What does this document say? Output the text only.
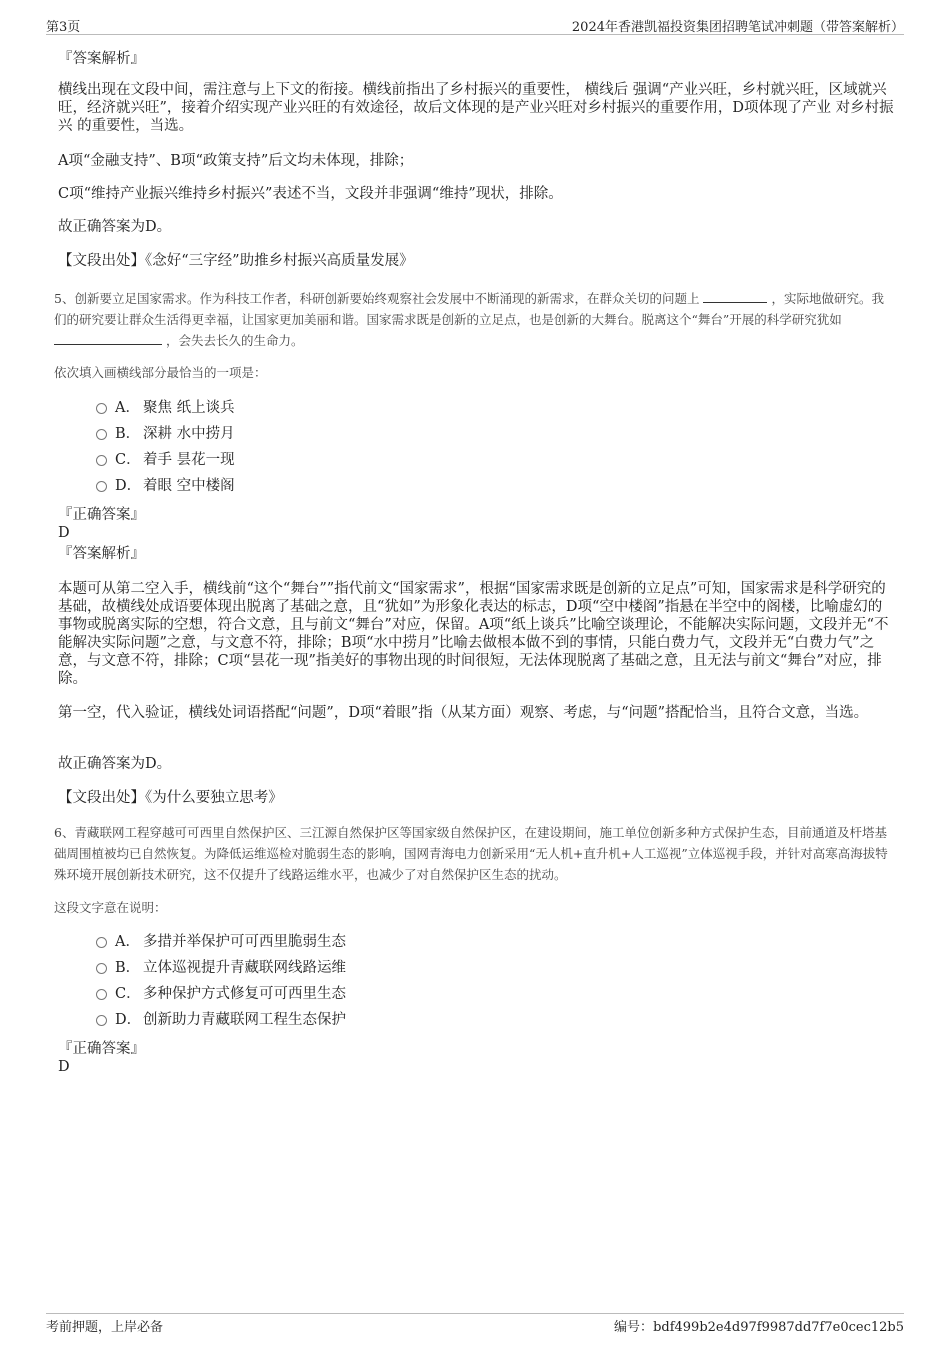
第3页	2024年香港凯福投资集团招聘笔试冲刺题（带答案解析）
『答案解析』
横线出现在文段中间，需注意与上下文的衔接。横线前指出了乡村振兴的重要性， 横线后 强调“产业兴旺，乡村就兴旺，区域就兴旺，经济就兴旺”，接着介绍实现产业兴旺的有效途径，故后文体现的是产业兴旺对乡村振兴的重要作用，D项体现了产业 对乡村振兴 的重要性，当选。
A项“金融支持”、B项“政策支持”后文均未体现，排除；
C项“维持产业振兴维持乡村振兴”表述不当，文段并非强调“维持”现状，排除。
故正确答案为D。
【文段出处】《念好“三字经”助推乡村振兴高质量发展》
5、创新要立足国家需求。作为科技工作者，科研创新要始终观察社会发展中不断涌现的新需求，在群众关切的问题上	，实际地做研究。我们的研究要让群众生活得更幸福，让国家更加美丽和谐。国家需求既是创新的立足点，也是创新的大舞台。脱离这个“舞台”开展的科学研究犹如  ，会失去长久的生命力。
依次填入画横线部分最恰当的一项是：
A． 聚焦 纸上谈兵
B． 深耕 水中捞月
C． 着手 昙花一现
D． 着眼 空中楼阁
『正确答案』
D
『答案解析』
本题可从第二空入手，横线前“这个“舞台””指代前文“国家需求”，根据“国家需求既是创新的立足点”可知，国家需求是科学研究的基础，故横线处成语要体现出脱离了基础之意，且“犹如”为形象化表达的标志，D项“空中楼阁”指悬在半空中的阁楼，比喻虚幻的事物或脱离实际的空想，符合文意，且与前文“舞台”对应，保留。A项“纸上谈兵”比喻空谈理论，不能解决实际问题，文段并无“不能解决实际问题”之意，与文意不符，排除；B项“水中捞月”比喻去做根本做不到的事情，只能白费力气，文段并无“白费力气”之意，与文意不符，排除；C项“昙花一现”指美好的事物出现的时间很短，无法体现脱离了基础之意，且无法与前文“舞台”对应，排除。
第一空，代入验证，横线处词语搭配“问题”，D项“着眼”指（从某方面）观察、考虑，与“问题”搭配恰当，且符合文意，当选。
故正确答案为D。
【文段出处】《为什么要独立思考》
6、青藏联网工程穿越可可西里自然保护区、三江源自然保护区等国家级自然保护区，在建设期间，施工单位创新多种方式保护生态，目前通道及杆塔基础周围植被均已自然恢复。为降低运维巡检对脆弱生态的影响，国网青海电力创新采用“无人机+直升机+人工巡视”立体巡视手段，并针对高寒高海拔特殊环境开展创新技术研究，这不仅提升了线路运维水平，也减少了对自然保护区生态的扰动。
这段文字意在说明：
A． 多措并举保护可可西里脆弱生态
B． 立体巡视提升青藏联网线路运维
C． 多种保护方式修复可可西里生态
D． 创新助力青藏联网工程生态保护
『正确答案』
D
考前押题，上岸必备	编号：bdf499b2e4d97f9987dd7f7e0cec12b5
